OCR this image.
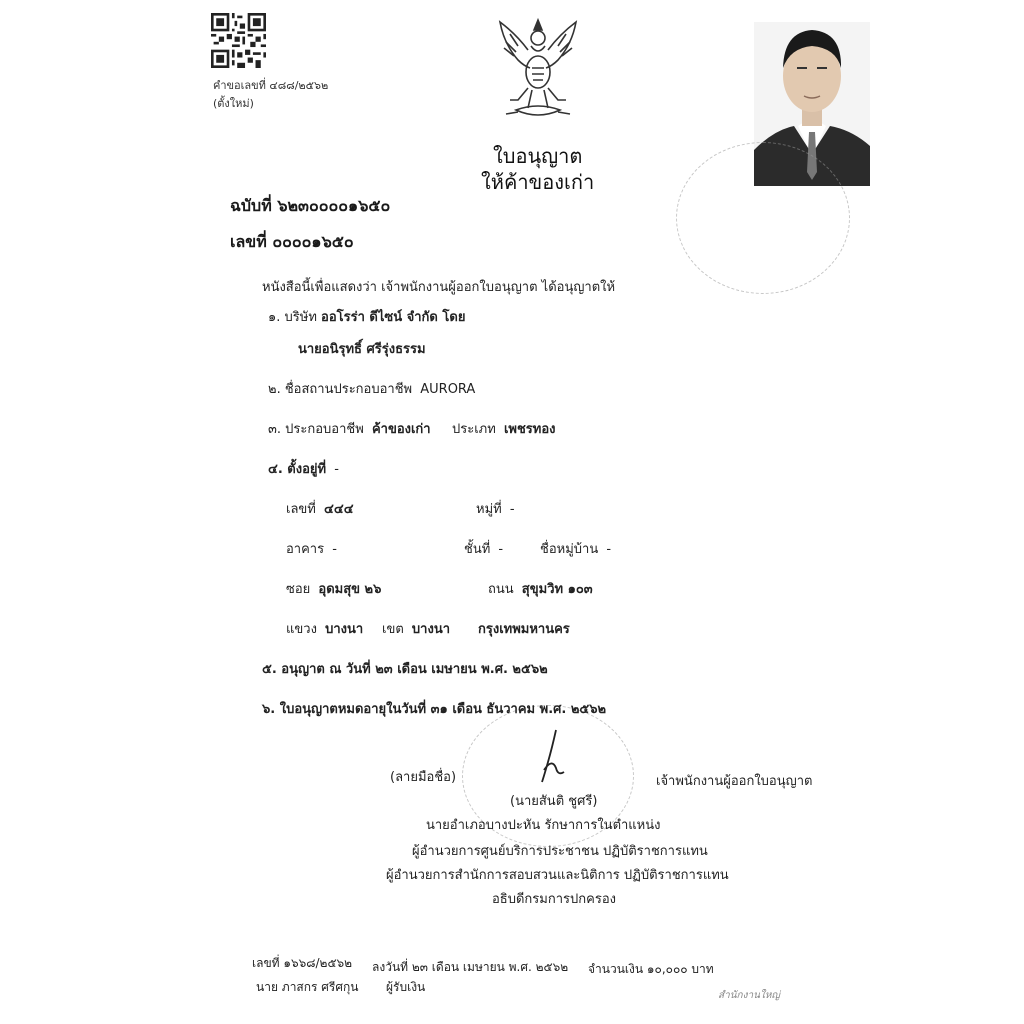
คำขอเลขที่ ๔๘๘/๒๕๖๒
(ตั้งใหม่)
ใบอนุญาต
ให้ค้าของเก่า
ฉบับที่ ๖๒๓๐๐๐๐๑๖๕๐
เลขที่ ๐๐๐๐๑๖๕๐
หนังสือนี้เพื่อแสดงว่า เจ้าพนักงานผู้ออกใบอนุญาต ได้อนุญาตให้
๑. บริษัท ออโรร่า ดีไซน์ จำกัด โดย
นายอนิรุทธิ์ ศรีรุ่งธรรม
๒. ชื่อสถานประกอบอาชีพ AURORA
๓. ประกอบอาชีพ ค้าของเก่า ประเภท เพชรทอง
๔. ตั้งอยู่ที่ -
เลขที่ ๔๔๔	หมู่ที่ -
อาคาร -	ชั้นที่ -	ชื่อหมู่บ้าน -
ซอย อุดมสุข ๒๖	ถนน สุขุมวิท ๑๐๓
แขวง บางนา เขต บางนา กรุงเทพมหานคร
๕. อนุญาต ณ วันที่ ๒๓ เดือน เมษายน พ.ศ. ๒๕๖๒
๖. ใบอนุญาตหมดอายุในวันที่ ๓๑ เดือน ธันวาคม พ.ศ. ๒๕๖๒
(ลายมือชื่อ)	เจ้าพนักงานผู้ออกใบอนุญาต
(นายสันติ ชูศรี)
นายอำเภอบางปะหัน รักษาการในตำแหน่ง
ผู้อำนวยการศูนย์บริการประชาชน ปฏิบัติราชการแทน
ผู้อำนวยการสำนักการสอบสวนและนิติการ ปฏิบัติราชการแทน
อธิบดีกรมการปกครอง
เลขที่ ๑๖๖๘/๒๕๖๒ ลงวันที่ ๒๓ เดือน เมษายน พ.ศ. ๒๕๖๒ จำนวนเงิน ๑๐,๐๐๐ บาท
นาย ภาสกร ศรีศกุน ผู้รับเงิน
สำนักงานใหญ่
